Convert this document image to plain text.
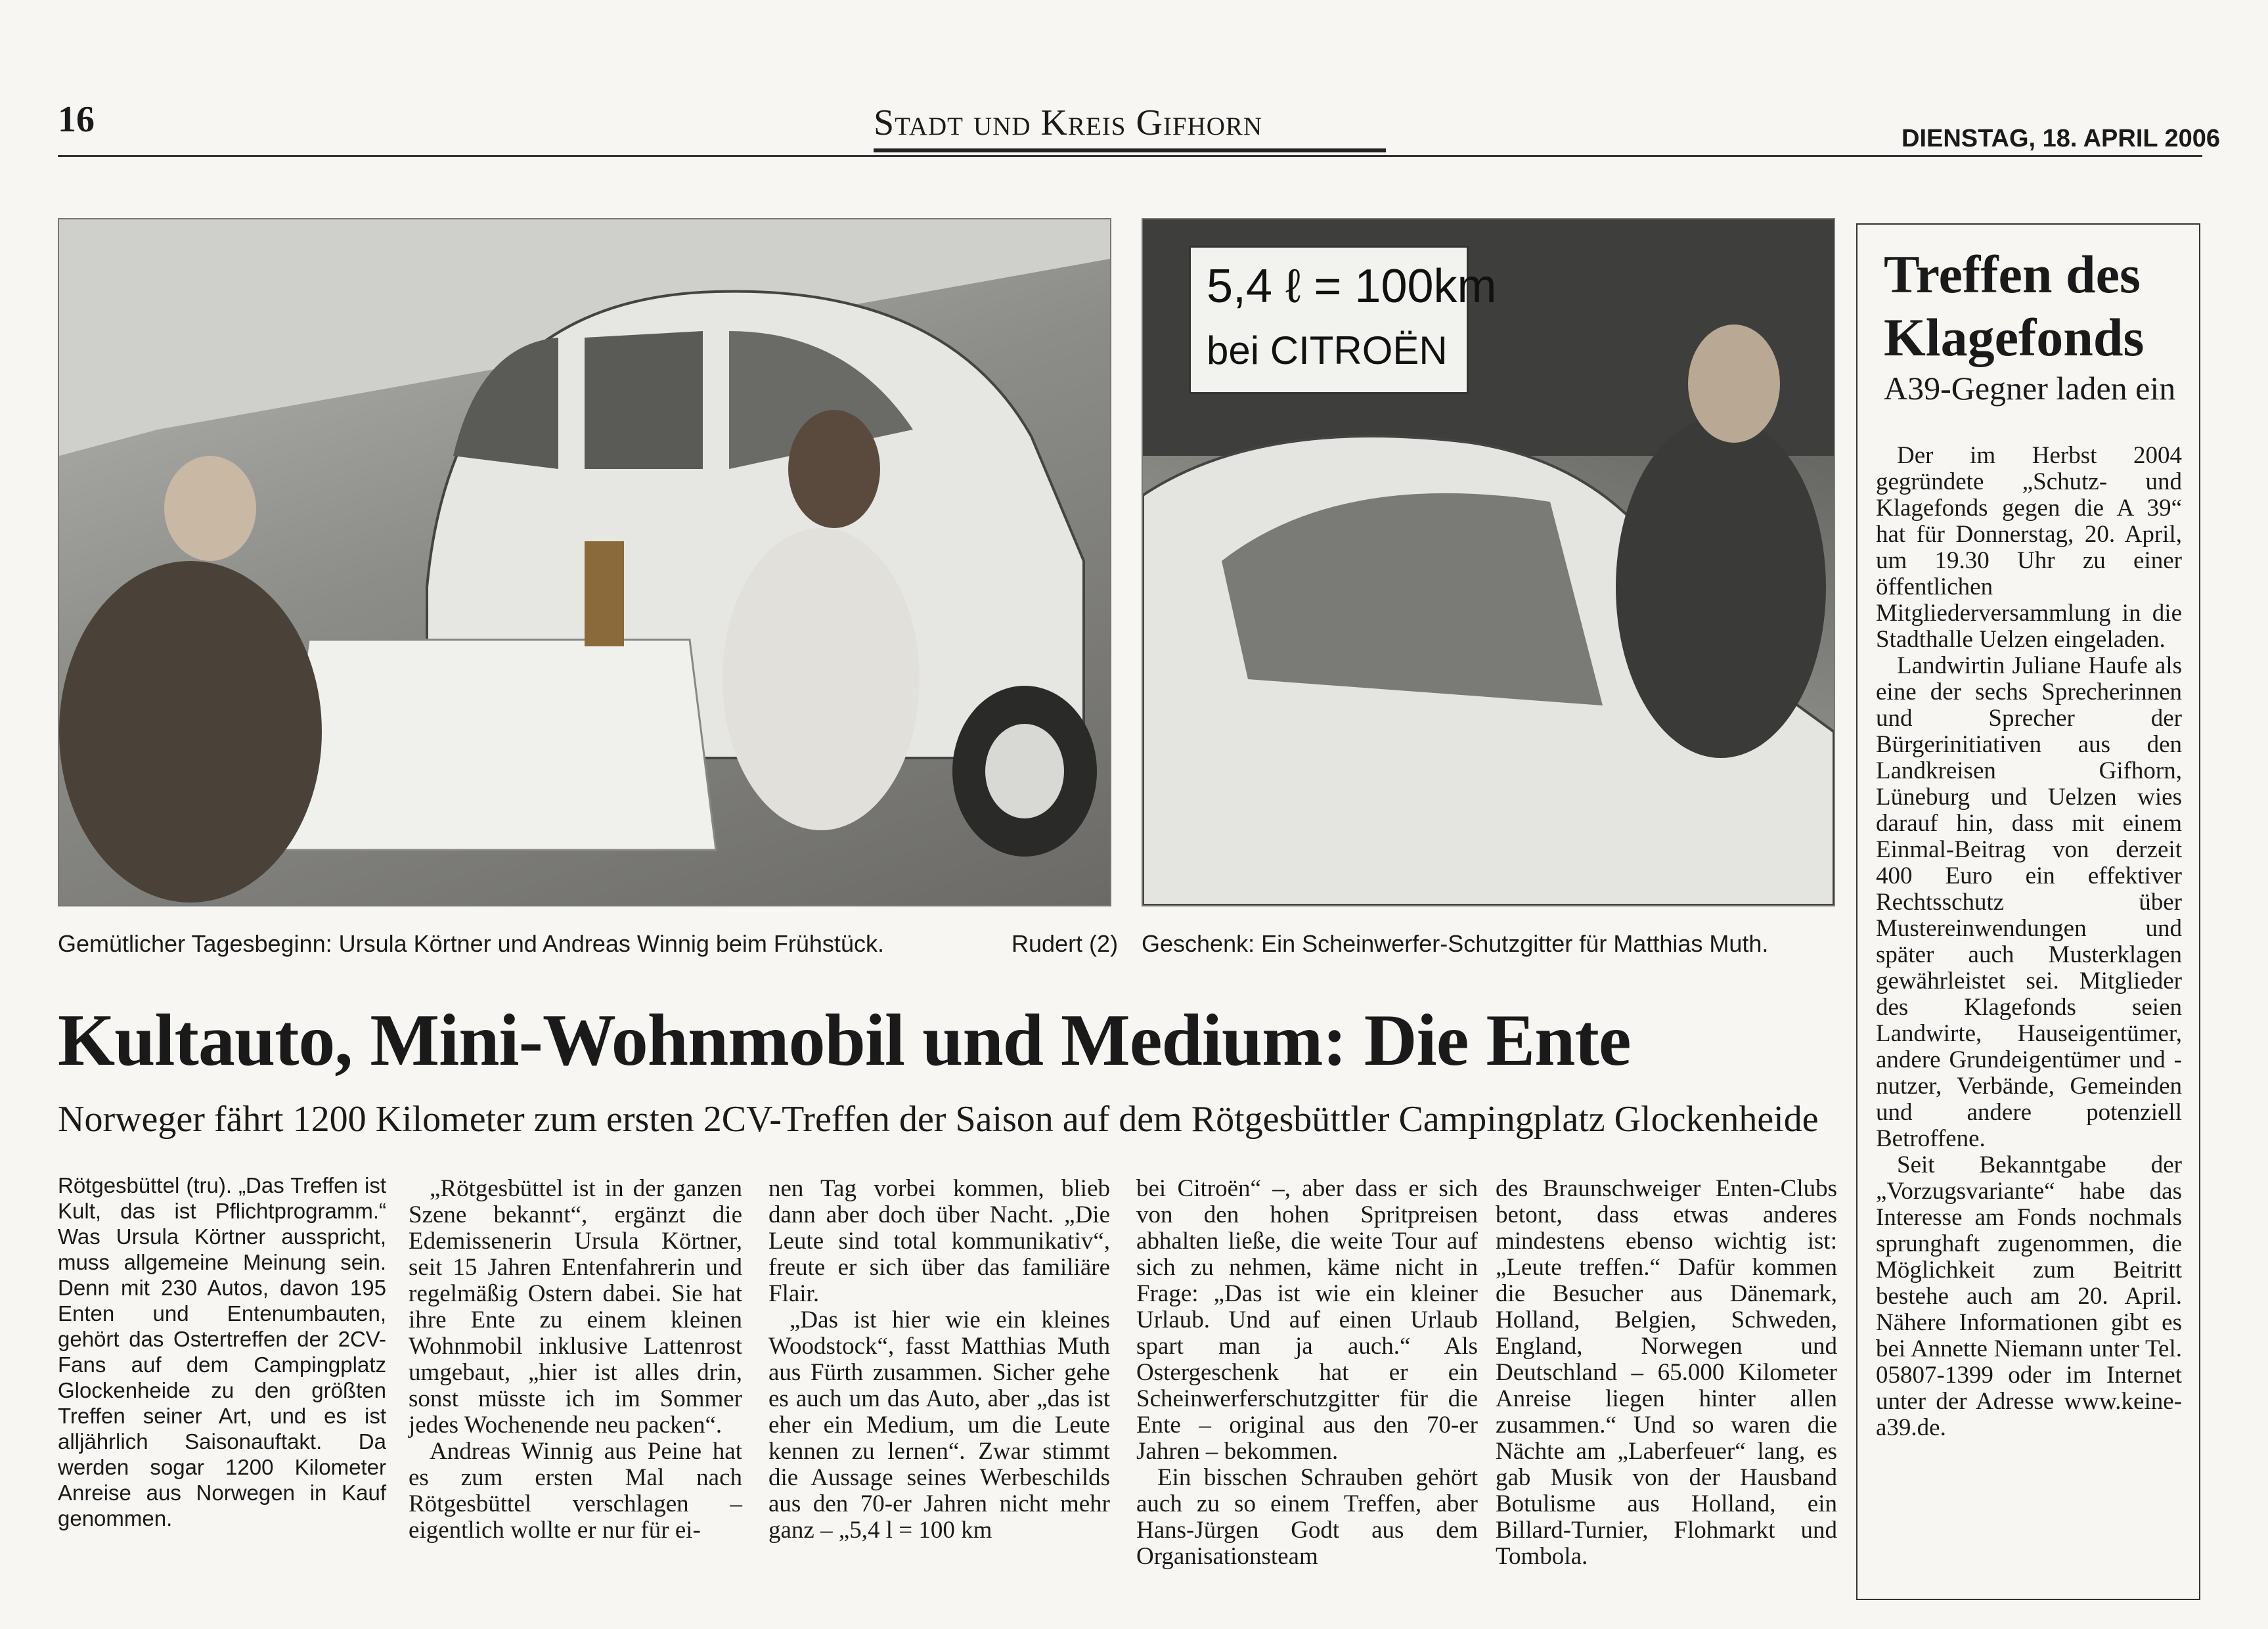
16	Stadt und Kreis Gifhorn	DIENSTAG, 18. APRIL 2006
5,4 ℓ = 100km
bei CITROËN
Gemütlicher Tagesbeginn: Ursula Körtner und Andreas Winnig beim Frühstück.	Rudert (2) Geschenk: Ein Scheinwerfer-Schutzgitter für Matthias Muth.
Kultauto, Mini-Wohnmobil und Medium: Die Ente
Norweger fährt 1200 Kilometer zum ersten 2CV-Treffen der Saison auf dem Rötgesbüttler Campingplatz Glockenheide

Rötgesbüttel (tru). „Das Treffen ist Kult, das ist Pflichtprogramm.“ Was Ursula Körtner ausspricht, muss allgemeine Meinung sein. Denn mit 230 Autos, davon 195 Enten und Entenumbauten, gehört das Ostertreffen der 2CV-Fans auf dem Campingplatz Glockenheide zu den größten Treffen seiner Art, und es ist alljährlich Saisonauftakt. Da werden sogar 1200 Kilometer Anreise aus Norwegen in Kauf genommen.

„Rötgesbüttel ist in der ganzen Szene bekannt“, ergänzt die Edemissenerin Ursula Körtner, seit 15 Jahren Entenfahrerin und regelmäßig Ostern dabei. Sie hat ihre Ente zu einem kleinen Wohnmobil inklusive Lattenrost umgebaut, „hier ist alles drin, sonst müsste ich im Sommer jedes Wochenende neu packen“.

Andreas Winnig aus Peine hat es zum ersten Mal nach Rötgesbüttel verschlagen – eigentlich wollte er nur für ei-

nen Tag vorbei kommen, blieb dann aber doch über Nacht. „Die Leute sind total kommunikativ“, freute er sich über das familiäre Flair.

„Das ist hier wie ein kleines Woodstock“, fasst Matthias Muth aus Fürth zusammen. Sicher gehe es auch um das Auto, aber „das ist eher ein Medium, um die Leute kennen zu lernen“. Zwar stimmt die Aussage seines Werbeschilds aus den 70-er Jahren nicht mehr ganz – „5,4 l = 100 km

bei Citroën“ –, aber dass er sich von den hohen Spritpreisen abhalten ließe, die weite Tour auf sich zu nehmen, käme nicht in Frage: „Das ist wie ein kleiner Urlaub. Und auf einen Urlaub spart man ja auch.“ Als Ostergeschenk hat er ein Scheinwerferschutzgitter für die Ente – original aus den 70-er Jahren – bekommen.

Ein bisschen Schrauben gehört auch zu so einem Treffen, aber Hans-Jürgen Godt aus dem Organisationsteam

des Braunschweiger Enten-Clubs betont, dass etwas anderes mindestens ebenso wichtig ist: „Leute treffen.“ Dafür kommen die Besucher aus Dänemark, Holland, Belgien, Schweden, England, Norwegen und Deutschland – 65.000 Kilometer Anreise liegen hinter allen zusammen.“ Und so waren die Nächte am „Laberfeuer“ lang, es gab Musik von der Hausband Botulisme aus Holland, ein Billard-Turnier, Flohmarkt und Tombola.

Treffen des Klagefonds
A39-Gegner laden ein

Der im Herbst 2004 gegründete „Schutz- und Klagefonds gegen die A 39“ hat für Donnerstag, 20. April, um 19.30 Uhr zu einer öffentlichen Mitgliederversammlung in die Stadthalle Uelzen eingeladen.

Landwirtin Juliane Haufe als eine der sechs Sprecherinnen und Sprecher der Bürgerinitiativen aus den Landkreisen Gifhorn, Lüneburg und Uelzen wies darauf hin, dass mit einem Einmal-Beitrag von derzeit 400 Euro ein effektiver Rechtsschutz über Mustereinwendungen und später auch Musterklagen gewährleistet sei. Mitglieder des Klagefonds seien Landwirte, Hauseigentümer, andere Grundeigentümer und -nutzer, Verbände, Gemeinden und andere potenziell Betroffene.

Seit Bekanntgabe der „Vorzugsvariante“ habe das Interesse am Fonds nochmals sprunghaft zugenommen, die Möglichkeit zum Beitritt bestehe auch am 20. April. Nähere Informationen gibt es bei Annette Niemann unter Tel. 05807-1399 oder im Internet unter der Adresse www.keine-a39.de.
